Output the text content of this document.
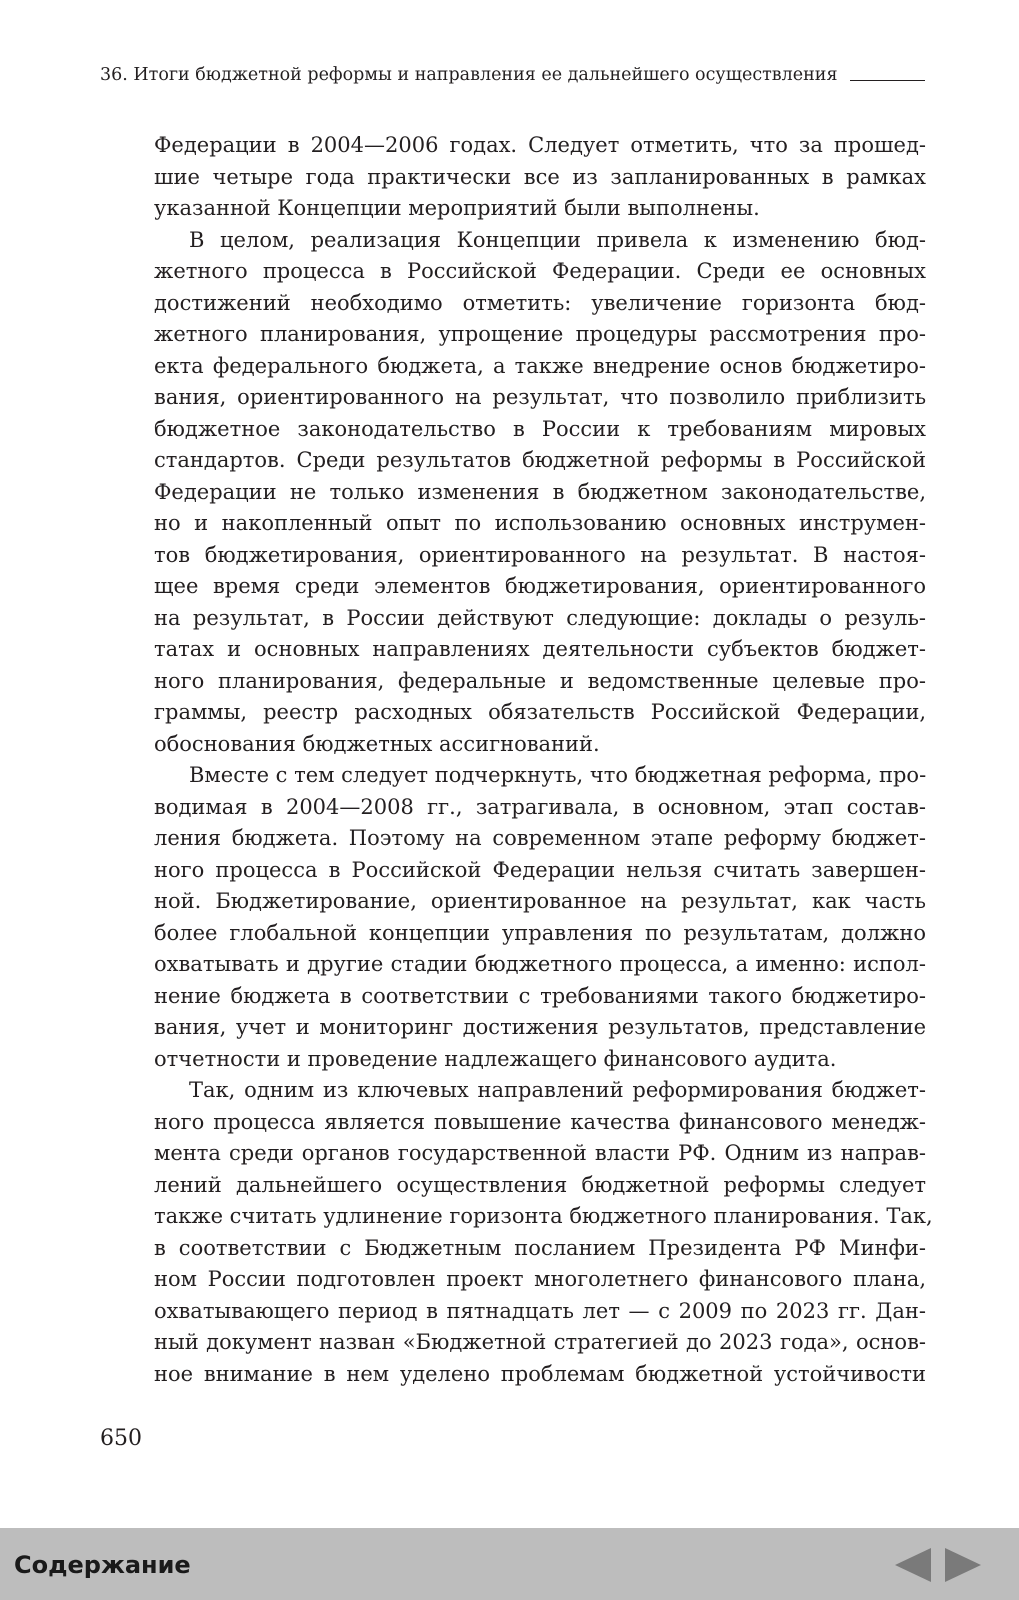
36. Итоги бюджетной реформы и направления ее дальнейшего осуществления
Федерации в 2004—2006 годах. Следует отметить, что за прошед-
шие четыре года практически все из запланированных в рамках
указанной Концепции мероприятий были выполнены.
В целом, реализация Концепции привела к изменению бюд-
жетного процесса в Российской Федерации. Среди ее основных
достижений необходимо отметить: увеличение горизонта бюд-
жетного планирования, упрощение процедуры рассмотрения про-
екта федерального бюджета, а также внедрение основ бюджетиро-
вания, ориентированного на результат, что позволило приблизить
бюджетное законодательство в России к требованиям мировых
стандартов. Среди результатов бюджетной реформы в Российской
Федерации не только изменения в бюджетном законодательстве,
но и накопленный опыт по использованию основных инструмен-
тов бюджетирования, ориентированного на результат. В настоя-
щее время среди элементов бюджетирования, ориентированного
на результат, в России действуют следующие: доклады о резуль-
татах и основных направлениях деятельности субъектов бюджет-
ного планирования, федеральные и ведомственные целевые про-
граммы, реестр расходных обязательств Российской Федерации,
обоснования бюджетных ассигнований.
Вместе с тем следует подчеркнуть, что бюджетная реформа, про-
водимая в 2004—2008 гг., затрагивала, в основном, этап состав-
ления бюджета. Поэтому на современном этапе реформу бюджет-
ного процесса в Российской Федерации нельзя считать завершен-
ной. Бюджетирование, ориентированное на результат, как часть
более глобальной концепции управления по результатам, должно
охватывать и другие стадии бюджетного процесса, а именно: испол-
нение бюджета в соответствии с требованиями такого бюджетиро-
вания, учет и мониторинг достижения результатов, представление
отчетности и проведение надлежащего финансового аудита.
Так, одним из ключевых направлений реформирования бюджет-
ного процесса является повышение качества финансового менедж-
мента среди органов государственной власти РФ. Одним из направ-
лений дальнейшего осуществления бюджетной реформы следует
также считать удлинение горизонта бюджетного планирования. Так,
в соответствии с Бюджетным посланием Президента РФ Минфи-
ном России подготовлен проект многолетнего финансового плана,
охватывающего период в пятнадцать лет — с 2009 по 2023 гг. Дан-
ный документ назван «Бюджетной стратегией до 2023 года», основ-
ное внимание в нем уделено проблемам бюджетной устойчивости
650
Содержание
